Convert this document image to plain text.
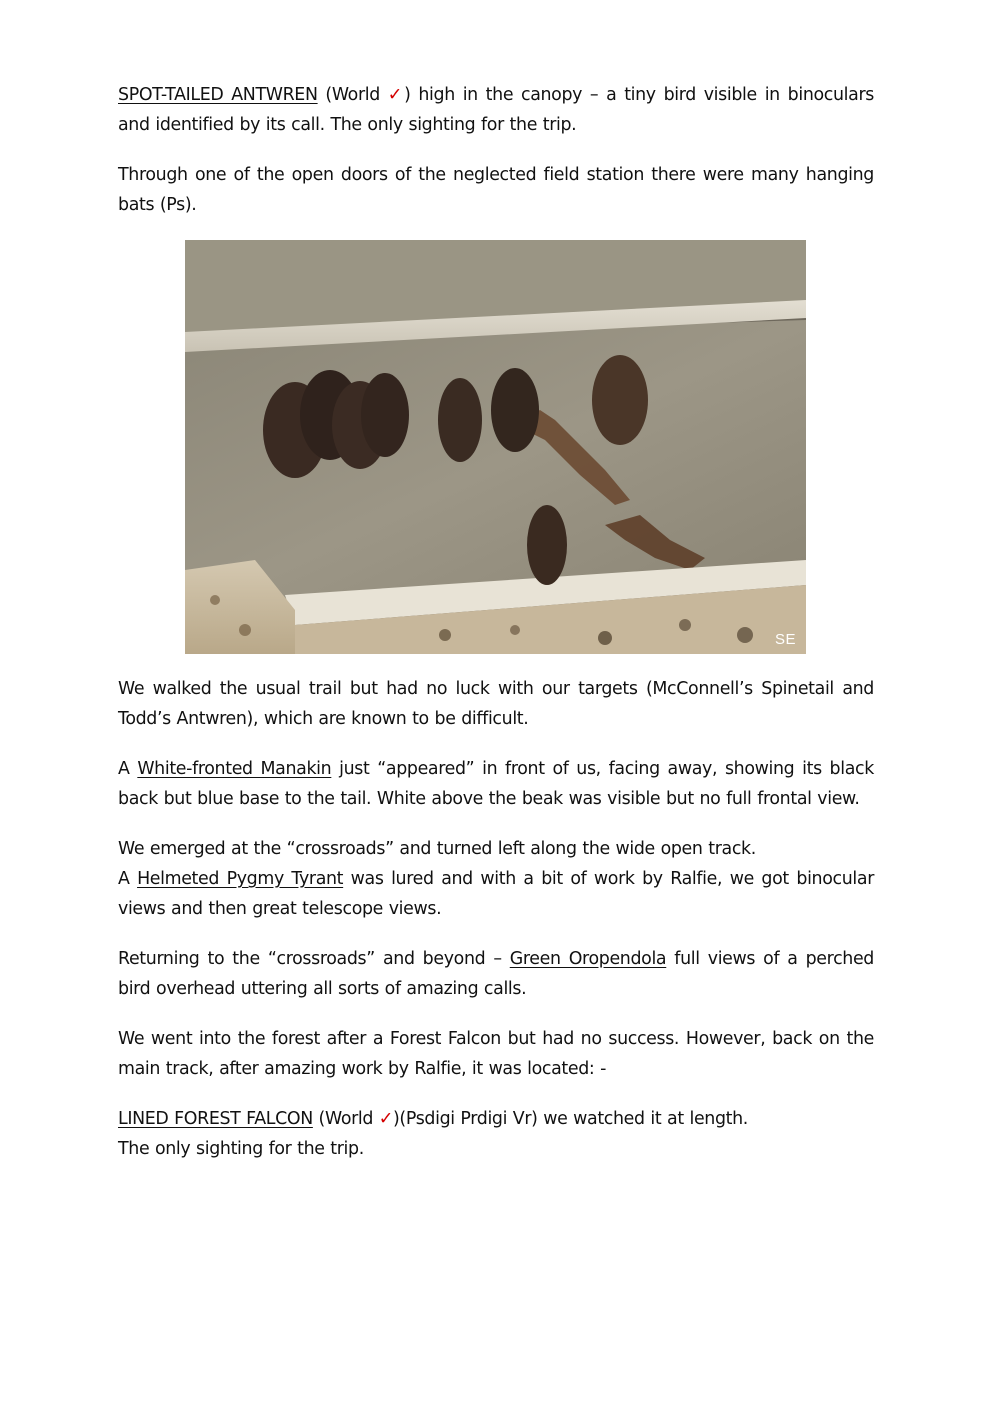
SPOT-TAILED ANTWREN (World ✓) high in the canopy – a tiny bird visible in binoculars and identified by its call. The only sighting for the trip.

Through one of the open doors of the neglected field station there were many hanging bats (Ps).

SE

We walked the usual trail but had no luck with our targets (McConnell’s Spinetail and Todd’s Antwren), which are known to be difficult.

A White-fronted Manakin just “appeared” in front of us, facing away, showing its black back but blue base to the tail. White above the beak was visible but no full frontal view.

We emerged at the “crossroads” and turned left along the wide open track.

A Helmeted Pygmy Tyrant was lured and with a bit of work by Ralfie, we got binocular views and then great telescope views.

Returning to the “crossroads” and beyond – Green Oropendola full views of a perched bird overhead uttering all sorts of amazing calls.

We went into the forest after a Forest Falcon but had no success. However, back on the main track, after amazing work by Ralfie, it was located: -

LINED FOREST FALCON (World ✓)(Psdigi Prdigi Vr) we watched it at length.
The only sighting for the trip.
